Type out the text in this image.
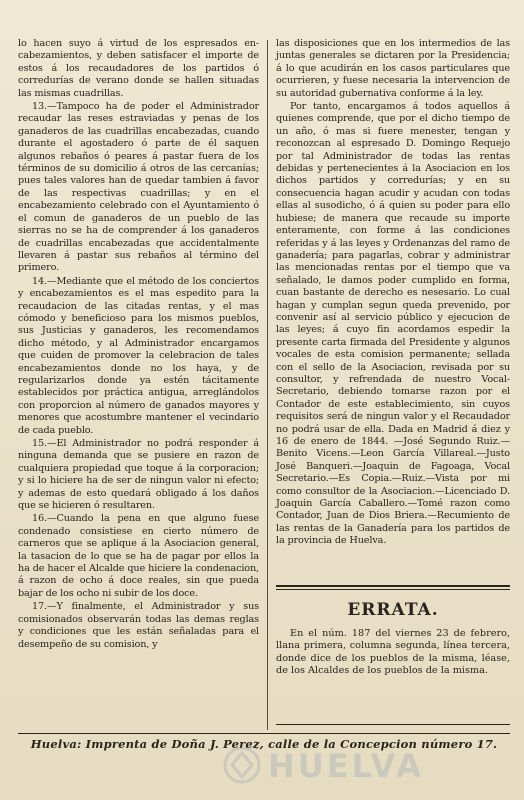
lo hacen suyo á virtud de los espresados en-cabezamientos, y deben satisfacer el importe de estos á los recaudadores de los partidos ó corredurías de verano donde se hallen situadas las mismas cuadrillas.

13.—Tampoco ha de poder el Administrador recaudar las reses estraviadas y penas de los ganaderos de las cuadrillas encabezadas, cuando durante el agostadero ó parte de él saquen algunos rebaños ó peares á pastar fuera de los términos de su domicilio á otros de las cercanías; pues tales valores han de quedar tambien á favor de las respectivas cuadrillas; y en el encabezamiento celebrado con el Ayuntamiento ó el comun de ganaderos de un pueblo de las sierras no se ha de comprender á los ganaderos de cuadrillas encabezadas que accidentalmente llevaren á pastar sus rebaños al término del primero.

14.—Mediante que el método de los conciertos y encabezamientos es el mas espedito para la recaudacion de las citadas rentas, y el mas cómodo y beneficioso para los mismos pueblos, sus Justicias y ganaderos, les recomendamos dicho método, y al Administrador encargamos que cuiden de promover la celebracion de tales encabezamientos donde no los haya, y de regularizarlos donde ya estén tácitamente establecidos por práctica antigua, arreglándolos con proporcion al número de ganados mayores y menores que acostumbre mantener el vecindario de cada pueblo.

15.—El Administrador no podrá responder á ninguna demanda que se pusiere en razon de cualquiera propiedad que toque á la corporacion; y si lo hiciere ha de ser de ningun valor ni efecto; y ademas de esto quedará obligado á los daños que se hicieren ó resultaren.

16.—Cuando la pena en que alguno fuese condenado consistiese en cierto número de carneros que se aplique á la Asociacion general, la tasacion de lo que se ha de pagar por ellos la ha de hacer el Alcalde que hiciere la condenacion, á razon de ocho á doce reales, sin que pueda bajar de los ocho ni subir de los doce.

17.—Y finalmente, el Administrador y sus comisionados observarán todas las demas reglas y condiciones que les están señaladas para el desempeño de su comision, y

las disposiciones que en los intermedios de las juntas generales se dictaren por la Presidencia; á lo que acudirán en los casos particulares que ocurrieren, y fuese necesaria la intervencion de su autoridad gubernativa conforme á la ley.

Por tanto, encargamos á todos aquellos á quienes comprende, que por el dicho tiempo de un año, ó mas si fuere menester, tengan y reconozcan al espresado D. Domingo Requejo por tal Administrador de todas las rentas debidas y pertenecientes á la Asociacion en los dichos partidos y corredurías; y en su consecuencia hagan acudir y acudan con todas ellas al susodicho, ó á quien su poder para ello hubiese; de manera que recaude su importe enteramente, con forme á las condiciones referidas y á las leyes y Ordenanzas del ramo de ganadería; para pagarlas, cobrar y administrar las mencionadas rentas por el tiempo que va señalado, le damos poder cumplido en forma, cuan bastante de derecho es nesesario. Lo cual hagan y cumplan segun queda prevenido, por convenir así al servicio público y ejecucion de las leyes; á cuyo fin acordamos espedir la presente carta firmada del Presidente y algunos vocales de esta comision permanente; sellada con el sello de la Asociacion, revisada por su consultor, y refrendada de nuestro Vocal-Secretario, debiendo tomarse razon por el Contador de este establecimiento, sin cuyos requisitos será de ningun valor y el Recaudador no podrá usar de ella. Dada en Madrid á diez y 16 de enero de 1844. —José Segundo Ruiz.—Benito Vicens.—Leon García Villareal.—Justo José Banqueri.—Joaquin de Fagoaga, Vocal Secretario.—Es Copia.—Ruiz.—Vista por mi como consultor de la Asociacion.—Licenciado D. Joaquin García Caballero.—Tomé razon como Contador, Juan de Dios Briera.—Recumiento de las rentas de la Ganadería para los partidos de la provincia de Huelva.

ERRATA.

En el núm. 187 del viernes 23 de febrero, llana primera, columna segunda, línea tercera, donde dice de los pueblos de la misma, léase, de los Alcaldes de los pueblos de la misma.

Huelva: Imprenta de Doña J. Perez, calle de la Concepcion número 17.
HUELVA
